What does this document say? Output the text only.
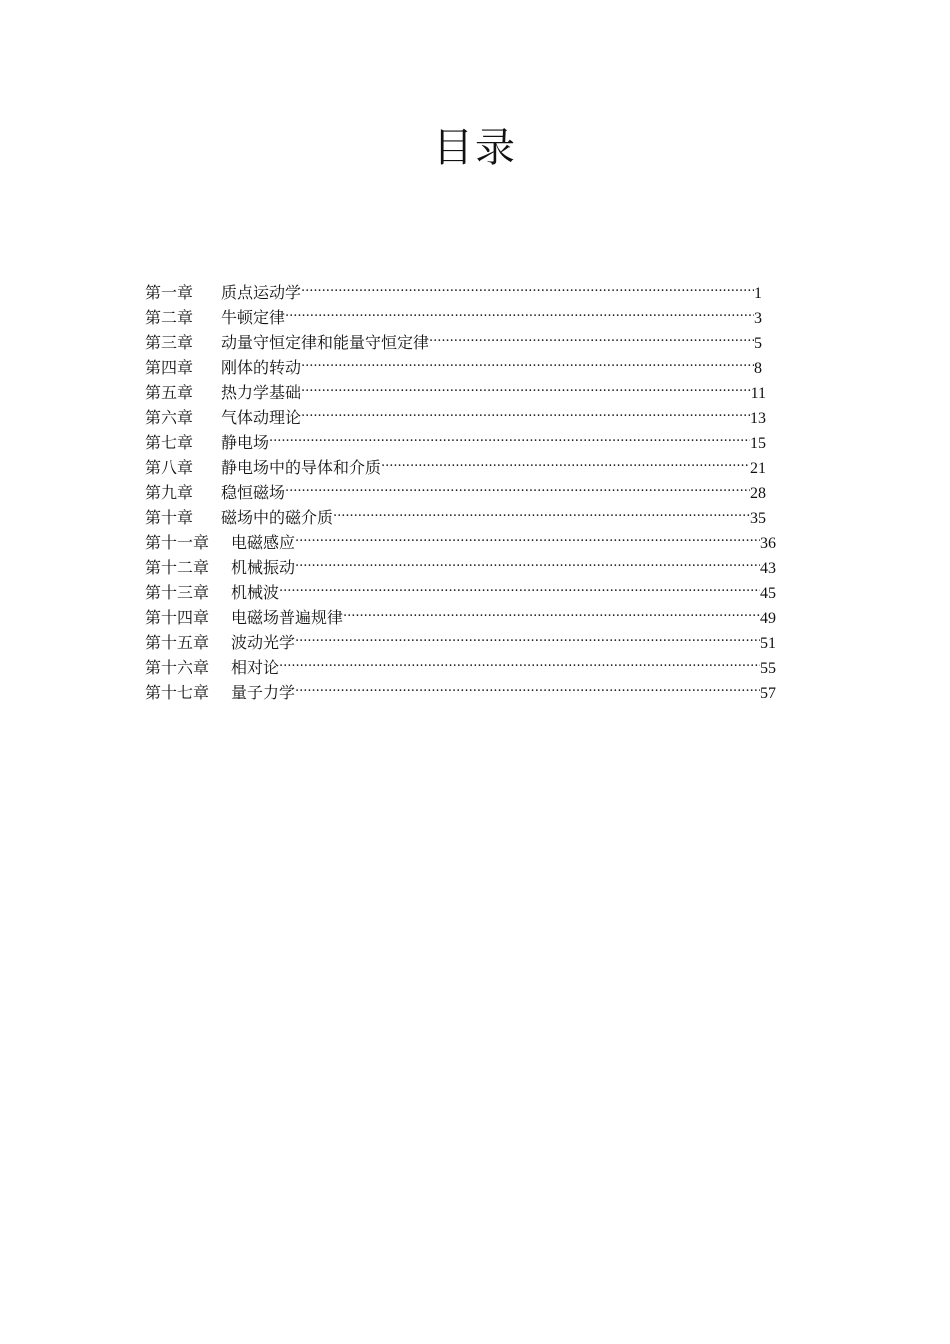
目录
第一章	质点运动学 .....	1
第二章	牛顿定律 .....	3
第三章	动量守恒定律和能量守恒定律 .....	5
第四章	刚体的转动 .....	8
第五章	热力学基础 .....	11
第六章	气体动理论 .....	13
第七章	静电场 .....	15
第八章	静电场中的导体和介质 .....	21
第九章	稳恒磁场 .....	28
第十章	磁场中的磁介质 .....	35
第十一章	电磁感应 .....	36
第十二章	机械振动 .....	43
第十三章	机械波 .....	45
第十四章	电磁场普遍规律 .....	49
第十五章	波动光学 .....	51
第十六章	相对论 .....	55
第十七章	量子力学 .....	57
